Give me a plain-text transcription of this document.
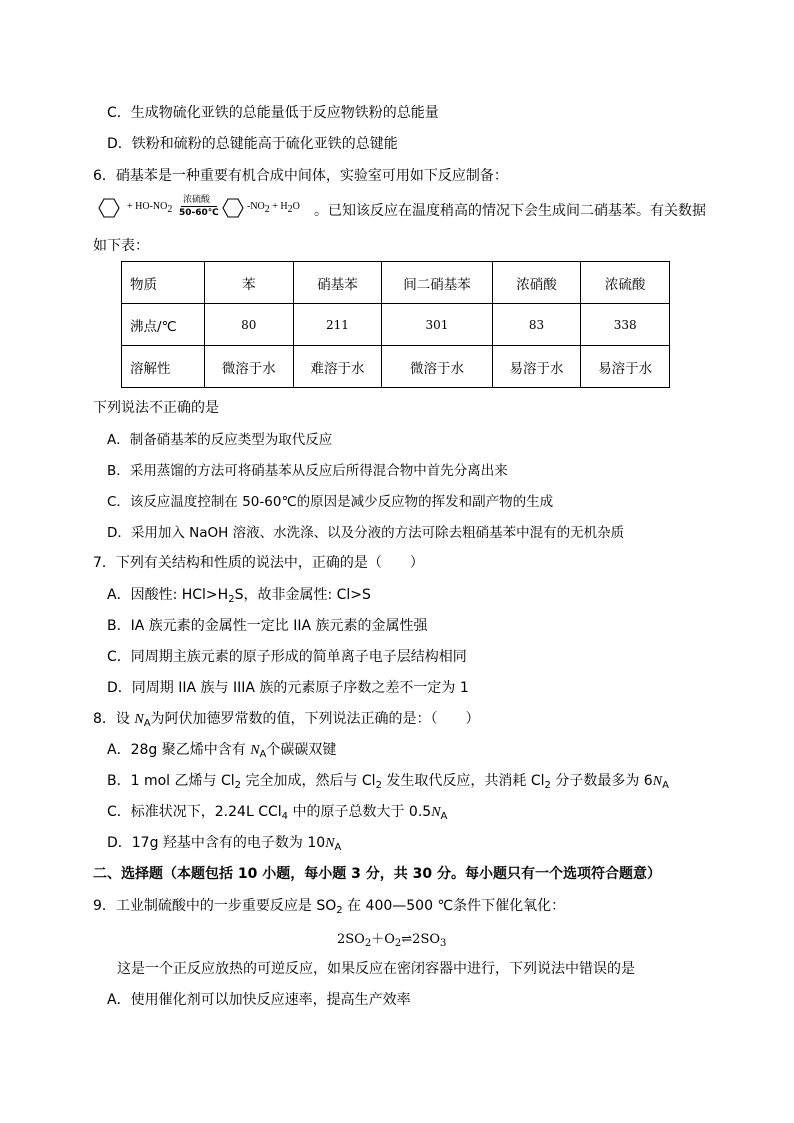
C．生成物硫化亚铁的总能量低于反应物铁粉的总能量
D．铁粉和硫粉的总键能高于硫化亚铁的总键能
6．硝基苯是一种重要有机合成中间体，实验室可用如下反应制备：
+ $HO-NO_2$
浓硫酸
50-60℃
$-NO_2 + H_2O$ 。已知该反应在温度稍高的情况下会生成间二硝基苯。有关数据
如下表：
物质	苯	硝基苯	间二硝基苯	浓硝酸	浓硫酸
沸点/℃	80	211	301	83	338
溶解性	微溶于水	难溶于水	微溶于水	易溶于水	易溶于水
下列说法不正确的是
A．制备硝基苯的反应类型为取代反应
B．采用蒸馏的方法可将硝基苯从反应后所得混合物中首先分离出来
C．该反应温度控制在 50-60℃的原因是减少反应物的挥发和副产物的生成
D．采用加入 NaOH 溶液、水洗涤、以及分液的方法可除去粗硝基苯中混有的无机杂质
7．下列有关结构和性质的说法中，正确的是（　　）
A．因酸性: $HCl>H_2S$，故非金属性: Cl>S
B．IA 族元素的金属性一定比 IIA 族元素的金属性强
C．同周期主族元素的原子形成的简单离子电子层结构相同
D．同周期 IIA 族与 IIIA 族的元素原子序数之差不一定为 1
8．设 $N_A$为阿伏加德罗常数的值，下列说法正确的是：（　　）
A．28g 聚乙烯中含有 $N_A$个碳碳双键
B．1 mol 乙烯与 $Cl_2$ 完全加成，然后与 $Cl_2$ 发生取代反应，共消耗 $Cl_2$ 分子数最多为 $6N_A$
C．标准状况下，2.24L CCl$_4$ 中的原子总数大于 $0.5N_A$
D．17g 羟基中含有的电子数为 $10N_A$
二、选择题（本题包括 10 小题，每小题 3 分，共 30 分。每小题只有一个选项符合题意）
9．工业制硫酸中的一步重要反应是 $SO_2$ 在 400—500 ℃条件下催化氧化：
$2SO_2+O_2\rightleftharpoons 2SO_3$
这是一个正反应放热的可逆反应，如果反应在密闭容器中进行，下列说法中错误的是
A．使用催化剂可以加快反应速率，提高生产效率
